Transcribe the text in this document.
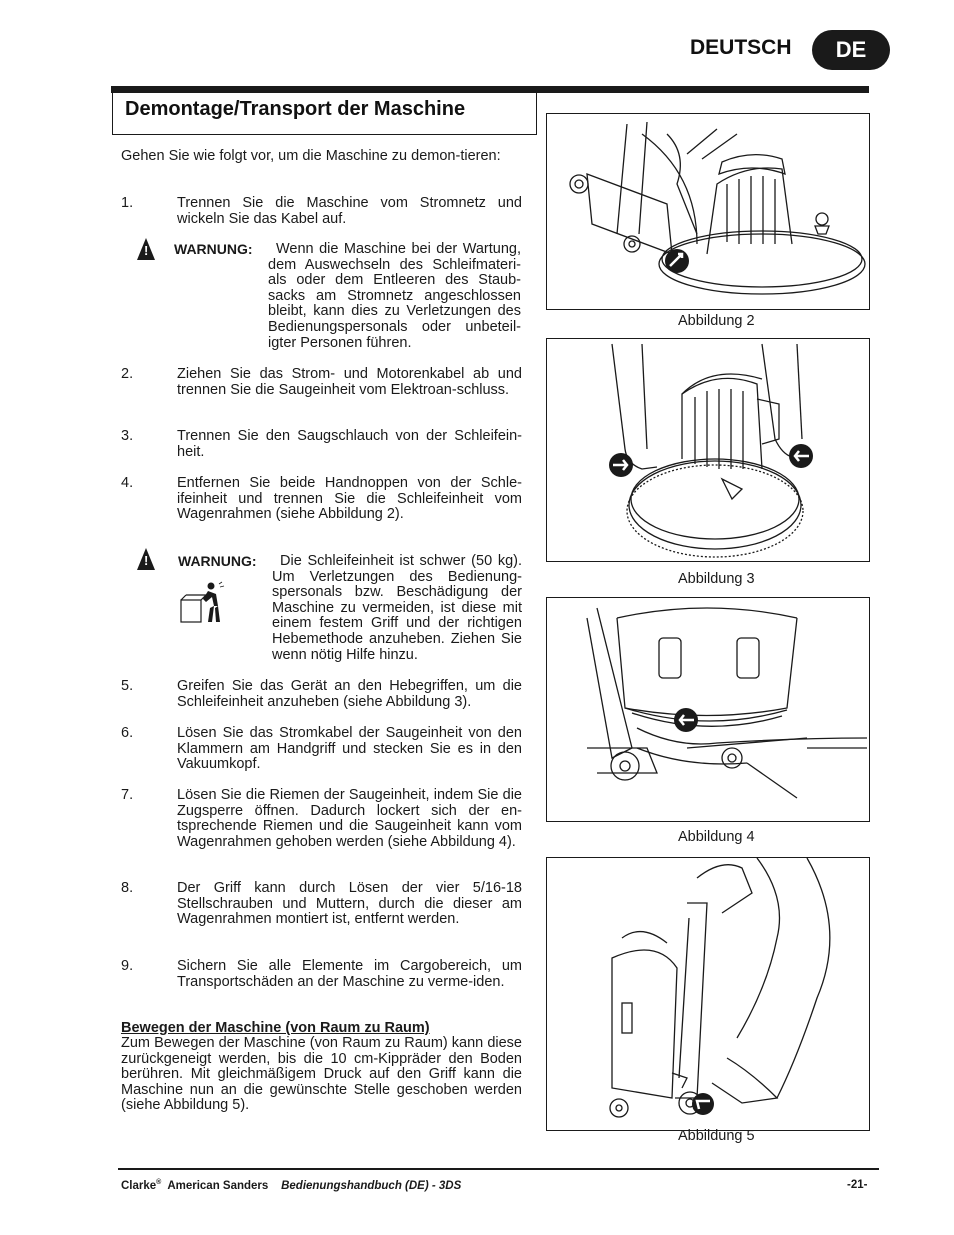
DEUTSCH	DE
Demontage/Transport der Maschine
Gehen Sie wie folgt vor, um die Maschine zu demon-tieren:
1.	Trennen Sie die Maschine vom Stromnetz und wickeln Sie das Kabel auf.
! WARNUNG:	Wenn die Maschine bei der Wartung, dem Auswechseln des Schleifmateri-als oder dem Entleeren des Staub-sacks am Stromnetz angeschlossen bleibt, kann dies zu Verletzungen des Bedienungspersonals oder unbeteil-igter Personen führen.
2.	Ziehen Sie das Strom- und Motorenkabel ab und trennen Sie die Saugeinheit vom Elektroan-schluss.
3.	Trennen Sie den Saugschlauch von der Schleifein-heit.
4.	Entfernen Sie beide Handnoppen von der Schle-ifeinheit und trennen Sie die Schleifeinheit vom Wagenrahmen (siehe Abbildung 2).
! WARNUNG:	Die Schleifeinheit ist schwer (50 kg). Um Verletzungen des Bedienung-spersonals bzw. Beschädigung der Maschine zu vermeiden, ist diese mit einem festem Griff und der richtigen Hebemethode anzuheben. Ziehen Sie wenn nötig Hilfe hinzu.
5.	Greifen Sie das Gerät an den Hebegriffen, um die Schleifeinheit anzuheben (siehe Abbildung 3).
6.	Lösen Sie das Stromkabel der Saugeinheit von den Klammern am Handgriff und stecken Sie es in den Vakuumkopf.
7.	Lösen Sie die Riemen der Saugeinheit, indem Sie die Zugsperre öffnen. Dadurch lockert sich der en-tsprechende Riemen und die Saugeinheit kann vom Wagenrahmen gehoben werden (siehe Abbildung 4).
8.	Der Griff kann durch Lösen der vier 5/16-18 Stellschrauben und Muttern, durch die dieser am Wagenrahmen montiert ist, entfernt werden.
9.	Sichern Sie alle Elemente im Cargobereich, um Transportschäden an der Maschine zu verme-iden.
Bewegen der Maschine (von Raum zu Raum)
Zum Bewegen der Maschine (von Raum zu Raum) kann diese zurückgeneigt werden, bis die 10 cm-Kippräder den Boden berühren. Mit gleichmäßigem Druck auf den Griff kann die Maschine nun an die gewünschte Stelle geschoben werden (siehe Abbildung 5).
Abbildung 2
Abbildung 3
Abbildung 4
Abbildung 5
Clarke® American Sanders Bedienungshandbuch (DE) - 3DS	-21-
